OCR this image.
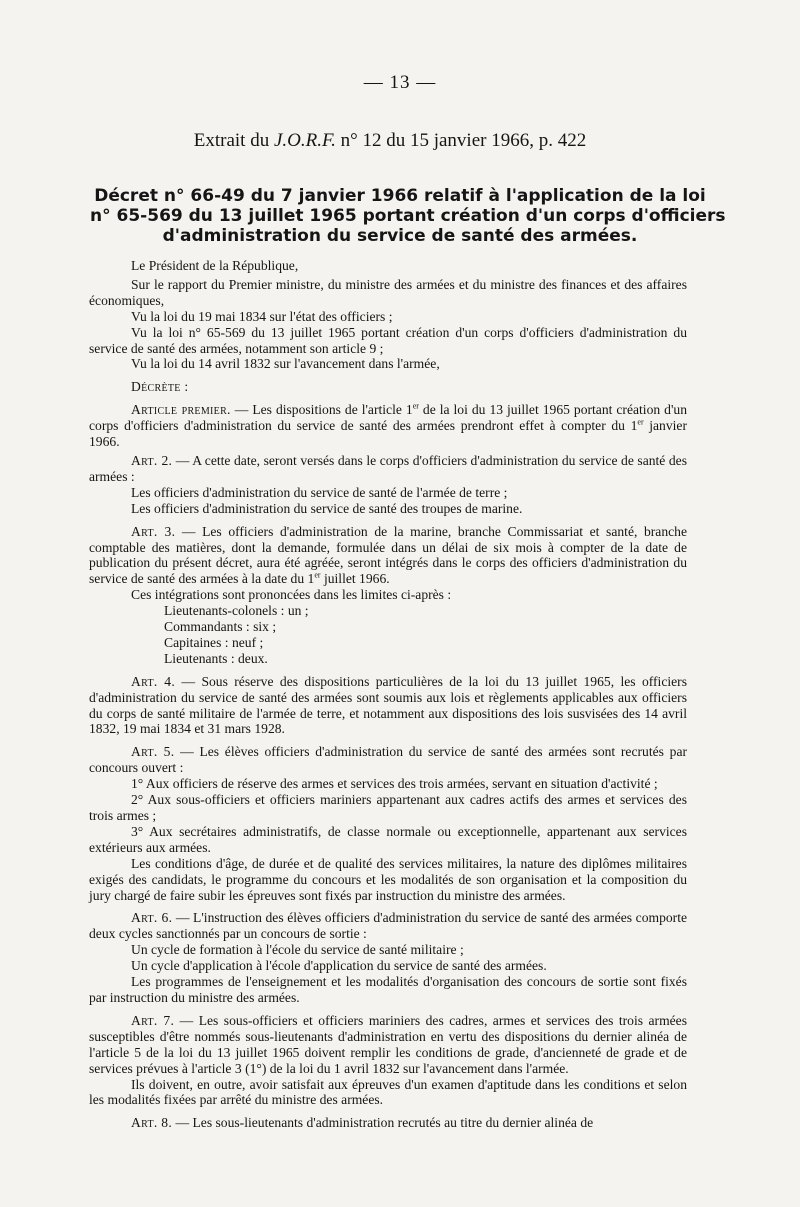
— 13 —
Extrait du J.O.R.F. n° 12 du 15 janvier 1966, p. 422
Décret n° 66-49 du 7 janvier 1966 relatif à l'application de la loi
n° 65-569 du 13 juillet 1965 portant création d'un corps d'officiers
d'administration du service de santé des armées.

Le Président de la République,

Sur le rapport du Premier ministre, du ministre des armées et du ministre des finances et des affaires économiques,

Vu la loi du 19 mai 1834 sur l'état des officiers ;

Vu la loi n° 65-569 du 13 juillet 1965 portant création d'un corps d'officiers d'administration du service de santé des armées, notamment son article 9 ;

Vu la loi du 14 avril 1832 sur l'avancement dans l'armée,

Décrète :

Article premier. — Les dispositions de l'article 1er de la loi du 13 juillet 1965 portant création d'un corps d'officiers d'administration du service de santé des armées prendront effet à compter du 1er janvier 1966.

Art. 2. — A cette date, seront versés dans le corps d'officiers d'administration du service de santé des armées :

Les officiers d'administration du service de santé de l'armée de terre ;

Les officiers d'administration du service de santé des troupes de marine.

Art. 3. — Les officiers d'administration de la marine, branche Commissariat et santé, branche comptable des matières, dont la demande, formulée dans un délai de six mois à compter de la date de publication du présent décret, aura été agréée, seront intégrés dans le corps des officiers d'administration du service de santé des armées à la date du 1er juillet 1966.

Ces intégrations sont prononcées dans les limites ci-après :

Lieutenants-colonels : un ;
Commandants : six ;
Capitaines : neuf ;
Lieutenants : deux.

Art. 4. — Sous réserve des dispositions particulières de la loi du 13 juillet 1965, les officiers d'administration du service de santé des armées sont soumis aux lois et règlements applicables aux officiers du corps de santé militaire de l'armée de terre, et notamment aux dispositions des lois susvisées des 14 avril 1832, 19 mai 1834 et 31 mars 1928.

Art. 5. — Les élèves officiers d'administration du service de santé des armées sont recrutés par concours ouvert :

1° Aux officiers de réserve des armes et services des trois armées, servant en situation d'activité ;

2° Aux sous-officiers et officiers mariniers appartenant aux cadres actifs des armes et services des trois armes ;

3° Aux secrétaires administratifs, de classe normale ou exceptionnelle, appartenant aux services extérieurs aux armées.

Les conditions d'âge, de durée et de qualité des services militaires, la nature des diplômes militaires exigés des candidats, le programme du concours et les modalités de son organisation et la composition du jury chargé de faire subir les épreuves sont fixés par instruction du ministre des armées.

Art. 6. — L'instruction des élèves officiers d'administration du service de santé des armées comporte deux cycles sanctionnés par un concours de sortie :

Un cycle de formation à l'école du service de santé militaire ;

Un cycle d'application à l'école d'application du service de santé des armées.

Les programmes de l'enseignement et les modalités d'organisation des concours de sortie sont fixés par instruction du ministre des armées.

Art. 7. — Les sous-officiers et officiers mariniers des cadres, armes et services des trois armées susceptibles d'être nommés sous-lieutenants d'administration en vertu des dispositions du dernier alinéa de l'article 5 de la loi du 13 juillet 1965 doivent remplir les conditions de grade, d'ancienneté de grade et de services prévues à l'article 3 (1°) de la loi du 1 avril 1832 sur l'avancement dans l'armée.

Ils doivent, en outre, avoir satisfait aux épreuves d'un examen d'aptitude dans les conditions et selon les modalités fixées par arrêté du ministre des armées.

Art. 8. — Les sous-lieutenants d'administration recrutés au titre du dernier alinéa de
